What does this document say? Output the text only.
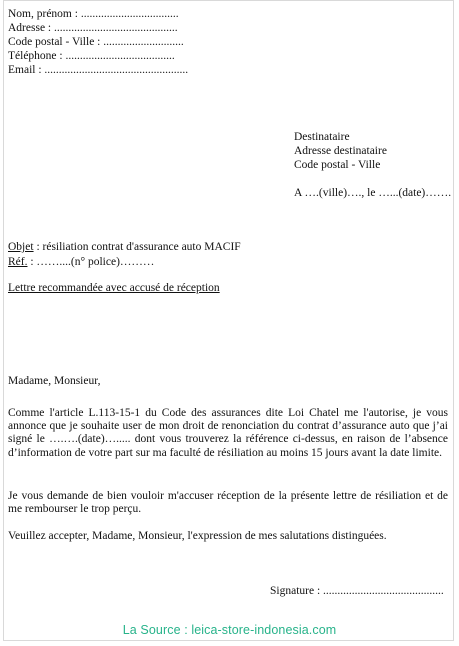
Nom, prénom : ..................................
Adresse : ...........................................
Code postal - Ville : ............................
Téléphone : ......................................
Email : ..................................................
Destinataire
Adresse destinataire
Code postal - Ville
A ….(ville)…., le …...(date)…….
Objet : résiliation contrat d'assurance auto MACIF
Réf. : ……....(n° police)………
Lettre recommandée avec accusé de réception
Madame, Monsieur,
Comme l'article L.113-15-1 du Code des assurances dite Loi Chatel me l'autorise, je vous annonce que je souhaite user de mon droit de renonciation du contrat d’assurance auto que j’ai signé le ….….(date)…..... dont vous trouverez la référence ci-dessus, en raison de l’absence d’information de votre part sur ma faculté de résiliation au moins 15 jours avant la date limite.
Je vous demande de bien vouloir m'accuser réception de la présente lettre de résiliation et de me rembourser le trop perçu.
Veuillez accepter, Madame, Monsieur, l'expression de mes salutations distinguées.
Signature : ..........................................
La Source : leica-store-indonesia.com
